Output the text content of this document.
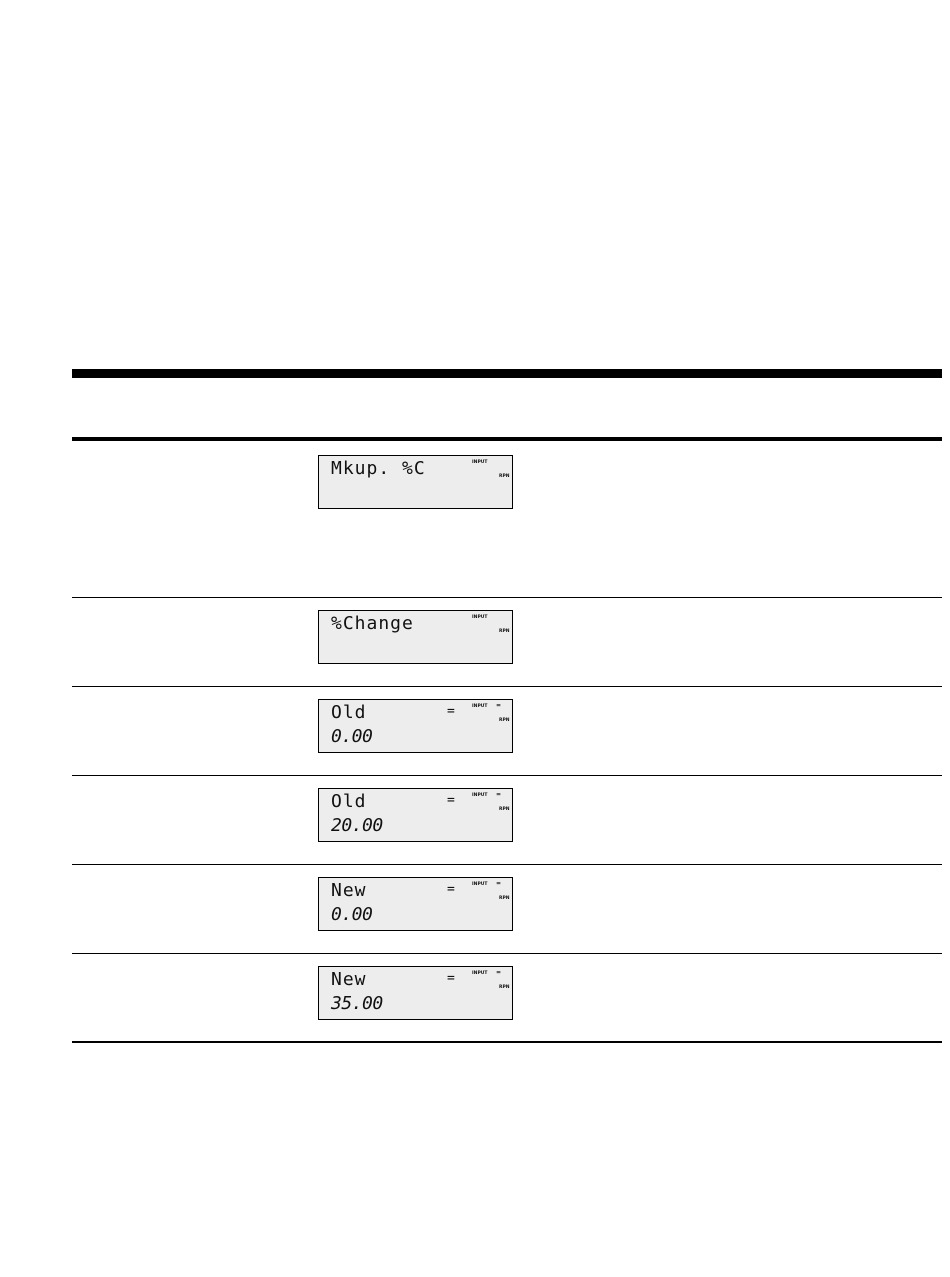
Mkup. %C	INPUT
RPN
%Change	INPUT
RPN
Old	=	INPUT =
RPN
0.00
Old	=	INPUT =
RPN
20.00
New	=	INPUT =
RPN
0.00
New	=	INPUT =
RPN
35.00
